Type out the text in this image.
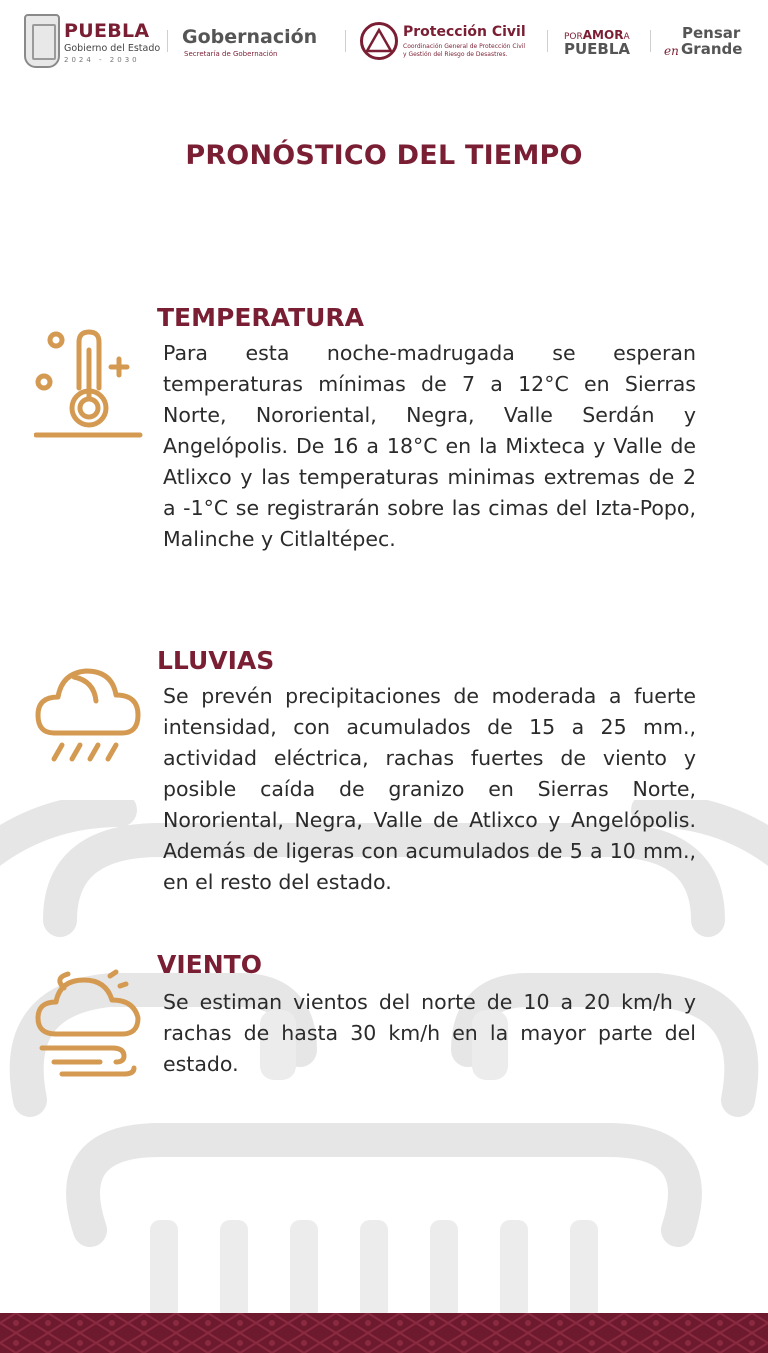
PUEBLA
Gobierno del Estado
2024 - 2030
Gobernación
Secretaría de Gobernación
Protección Civil
Coordinación General de Protección Civil
y Gestión del Riesgo de Desastres.
PORAMORA
PUEBLA
Pensar
en Grande
PRONÓSTICO DEL TIEMPO
TEMPERATURA
Para esta noche-madrugada se esperan temperaturas mínimas de 7 a 12°C en Sierras Norte, Nororiental, Negra, Valle Serdán y Angelópolis. De 16 a 18°C en la Mixteca y Valle de Atlixco y las temperaturas minimas extremas de 2 a -1°C se registrarán sobre las cimas del Izta-Popo, Malinche y Citlaltépec.
LLUVIAS
Se prevén precipitaciones de moderada a fuerte intensidad, con acumulados de 15 a 25 mm., actividad eléctrica, rachas fuertes de viento y posible caída de granizo en Sierras Norte, Nororiental, Negra, Valle de Atlixco y Angelópolis. Además de ligeras con acumulados de 5 a 10 mm., en el resto del estado.
VIENTO
Se estiman vientos del norte de 10 a 20 km/h y rachas de hasta 30 km/h en la mayor parte del estado.
